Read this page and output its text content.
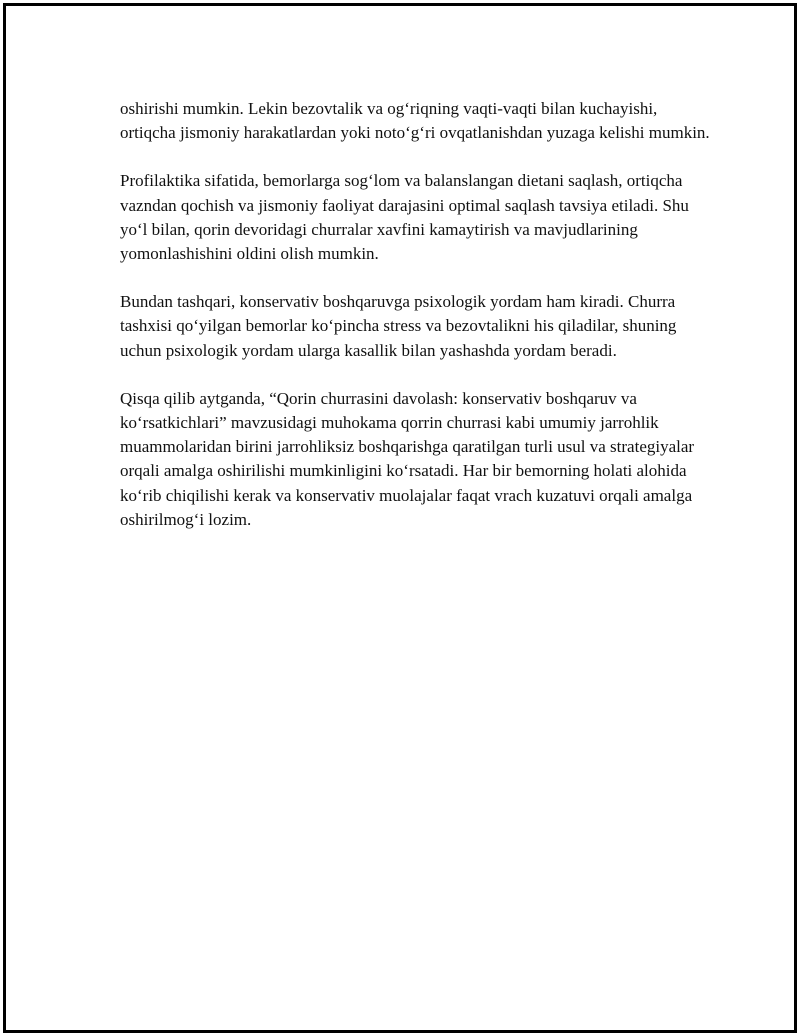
oshirishi mumkin. Lekin bezovtalik va og‘riqning vaqti-vaqti bilan kuchayishi, ortiqcha jismoniy harakatlardan yoki noto‘g‘ri ovqatlanishdan yuzaga kelishi mumkin.

Profilaktika sifatida, bemorlarga sog‘lom va balanslangan dietani saqlash, ortiqcha vazndan qochish va jismoniy faoliyat darajasini optimal saqlash tavsiya etiladi. Shu yo‘l bilan, qorin devoridagi churralar xavfini kamaytirish va mavjudlarining yomonlashishini oldini olish mumkin.

Bundan tashqari, konservativ boshqaruvga psixologik yordam ham kiradi. Churra tashxisi qo‘yilgan bemorlar ko‘pincha stress va bezovtalikni his qiladilar, shuning uchun psixologik yordam ularga kasallik bilan yashashda yordam beradi.

Qisqa qilib aytganda, “Qorin churrasini davolash: konservativ boshqaruv va ko‘rsatkichlari” mavzusidagi muhokama qorrin churrasi kabi umumiy jarrohlik muammolaridan birini jarrohliksiz boshqarishga qaratilgan turli usul va strategiyalar orqali amalga oshirilishi mumkinligini ko‘rsatadi. Har bir bemorning holati alohida ko‘rib chiqilishi kerak va konservativ muolajalar faqat vrach kuzatuvi orqali amalga oshirilmog‘i lozim.
